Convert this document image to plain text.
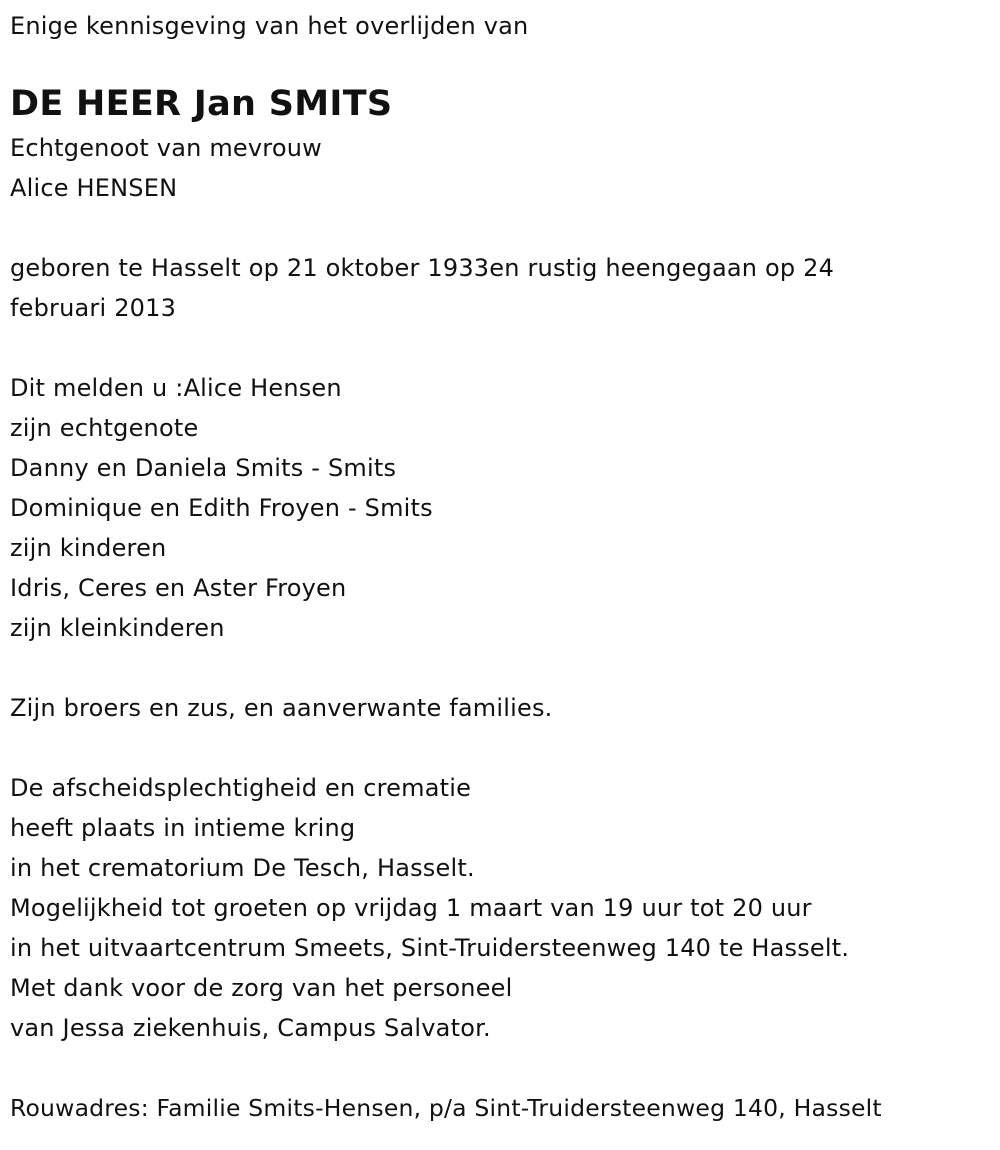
Enige kennisgeving van het overlijden van
DE HEER Jan SMITS
Echtgenoot van mevrouw
Alice HENSEN
geboren te Hasselt op 21 oktober 1933en rustig heengegaan op 24
februari 2013
Dit melden u :Alice Hensen
zijn echtgenote
Danny en Daniela Smits - Smits
Dominique en Edith Froyen - Smits
zijn kinderen
Idris, Ceres en Aster Froyen
zijn kleinkinderen
Zijn broers en zus, en aanverwante families.
De afscheidsplechtigheid en crematie
heeft plaats in intieme kring
in het crematorium De Tesch, Hasselt.
Mogelijkheid tot groeten op vrijdag 1 maart van 19 uur tot 20 uur
in het uitvaartcentrum Smeets, Sint-Truidersteenweg 140 te Hasselt.
Met dank voor de zorg van het personeel
van Jessa ziekenhuis, Campus Salvator.
Rouwadres: Familie Smits-Hensen, p/a Sint-Truidersteenweg 140, Hasselt
